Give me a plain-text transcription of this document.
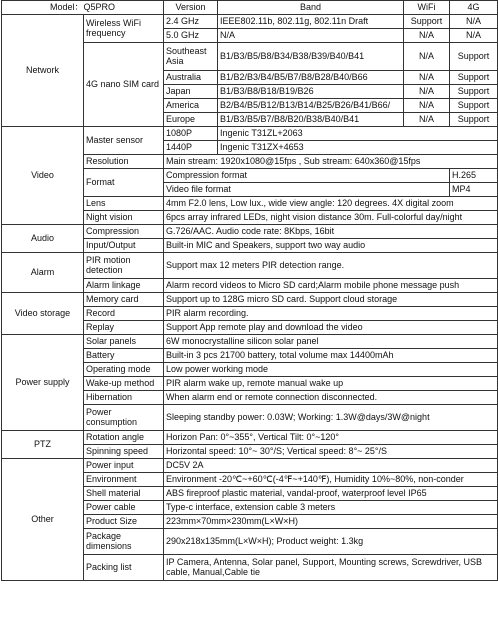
Model：Q5PRO		Version	Band	WiFi	4G
Network	Wireless WiFi frequency	2.4 GHz	IEEE802.11b, 802.11g, 802.11n Draft	Support	N/A
		5.0 GHz	N/A	N/A	N/A
	4G nano SIM card	Southeast Asia	B1/B3/B5/B8/B34/B38/B39/B40/B41	N/A	Support
		Australia	B1/B2/B3/B4/B5/B7/B8/B28/B40/B66	N/A	Support
		Japan	B1/B3/B8/B18/B19/B26	N/A	Support
		America	B2/B4/B5/B12/B13/B14/B25/B26/B41/B66/	N/A	Support
		Europe	B1/B3/B5/B7/B8/B20/B38/B40/B41	N/A	Support
Video	Master sensor	1080P	Ingenic T31ZL+2063		
		1440P	Ingenic T31ZX+4653		
	Resolution	Main stream: 1920x1080@15fps , Sub stream: 640x360@15fps			
	Format	Compression format			H.265
		Video file format			MP4
	Lens	4mm F2.0 lens, Low lux., wide view angle: 120 degrees. 4X digital zoom			
	Night vision	6pcs array infrared LEDs, night vision distance 30m. Full-colorful day/night			
Audio	Compression	G.726/AAC. Audio code rate: 8Kbps, 16bit			
	Input/Output	Built-in MIC and Speakers, support two way audio			
Alarm	PIR motion detection	Support max 12 meters PIR detection range.			
	Alarm linkage	Alarm record videos to Micro SD card;Alarm mobile phone message push			
Video storage	Memory card	Support up to 128G micro SD card. Support cloud storage			
	Record	PIR alarm recording.			
	Replay	Support App remote play and download the video			
Power supply	Solar panels	6W monocrystalline silicon solar panel			
	Battery	Built-in 3 pcs 21700 battery, total volume max 14400mAh			
	Operating mode	Low power working mode			
	Wake-up method	PIR alarm wake up, remote manual wake up			
	Hibernation	When alarm end or remote connection disconnected.			
	Power consumption	Sleeping standby power: 0.03W; Working: 1.3W@days/3W@night			
PTZ	Rotation angle	Horizon Pan: 0°~355°, Vertical Tilt: 0°~120°			
	Spinning speed	Horizontal speed: 10°~ 30°/S; Vertical speed: 8°~ 25°/S			
Other	Power input	DC5V 2A			
	Environment	Environment -20℃~+60℃(-4℉~+140℉), Humidity 10%~80%, non-conder			
	Shell material	ABS fireproof plastic material, vandal-proof, waterproof level IP65			
	Power cable	Type-c interface, extension cable 3 meters			
	Product Size	223mm×70mm×230mm(L×W×H)			
	Package dimensions	290x218x135mm(L×W×H); Product weight: 1.3kg			
	Packing list	IP Camera, Antenna, Solar panel, Support, Mounting screws, Screwdriver, USB cable, Manual,Cable tie			
